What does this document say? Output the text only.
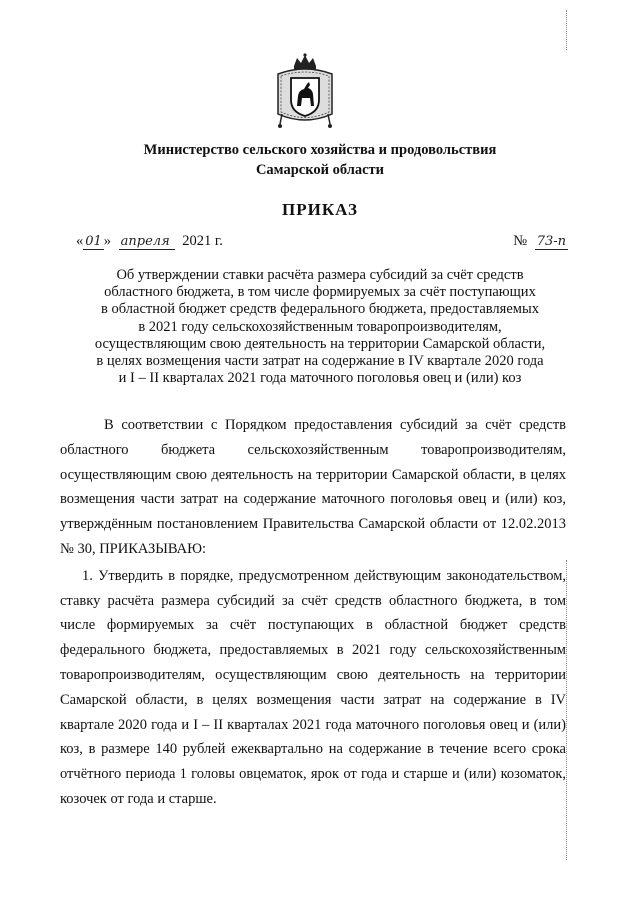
Министерство сельского хозяйства и продовольствия
Самарской области
ПРИКАЗ
« 01 » апреля 2021 г.	№ 73-п
Об утверждении ставки расчёта размера субсидий за счёт средств
областного бюджета, в том числе формируемых за счёт поступающих
в областной бюджет средств федерального бюджета, предоставляемых
в 2021 году сельскохозяйственным товаропроизводителям,
осуществляющим свою деятельность на территории Самарской области,
в целях возмещения части затрат на содержание в IV квартале 2020 года
и I – II кварталах 2021 года маточного поголовья овец и (или) коз

В соответствии с Порядком предоставления субсидий за счёт средств областного бюджета сельскохозяйственным товаропроизводителям, осуществляющим свою деятельность на территории Самарской области, в целях возмещения части затрат на содержание маточного поголовья овец и (или) коз, утверждённым постановлением Правительства Самарской области от 12.02.2013 № 30, ПРИКАЗЫВАЮ:

1. Утвердить в порядке, предусмотренном действующим законодательством, ставку расчёта размера субсидий за счёт средств областного бюджета, в том числе формируемых за счёт поступающих в областной бюджет средств федерального бюджета, предоставляемых в 2021 году сельскохозяйственным товаропроизводителям, осуществляющим свою деятельность на территории Самарской области, в целях возмещения части затрат на содержание в IV квартале 2020 года и I – II кварталах 2021 года маточного поголовья овец и (или) коз, в размере 140 рублей ежеквартально на содержание в течение всего срока отчётного периода 1 головы овцематок, ярок от года и старше и (или) козоматок, козочек от года и старше.
